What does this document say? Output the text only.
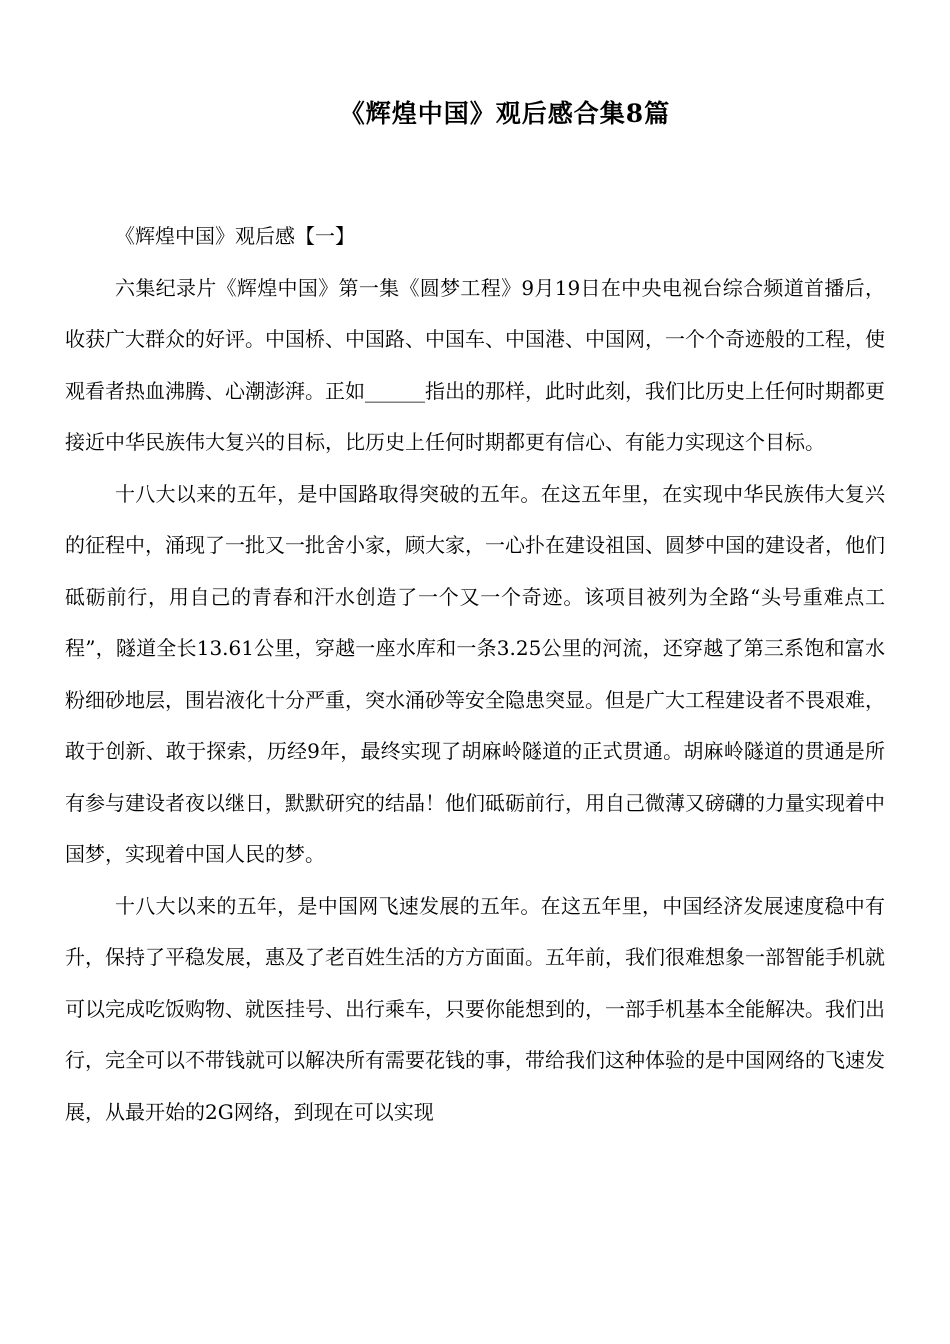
《辉煌中国》观后感合集8篇

《辉煌中国》观后感【一】

六集纪录片《辉煌中国》第一集《圆梦工程》9月19日在中央电视台综合频道首播后，收获广大群众的好评。中国桥、中国路、中国车、中国港、中国网，一个个奇迹般的工程，使观看者热血沸腾、心潮澎湃。正如______指出的那样，此时此刻，我们比历史上任何时期都更接近中华民族伟大复兴的目标，比历史上任何时期都更有信心、有能力实现这个目标。

十八大以来的五年，是中国路取得突破的五年。在这五年里，在实现中华民族伟大复兴的征程中，涌现了一批又一批舍小家，顾大家，一心扑在建设祖国、圆梦中国的建设者，他们砥砺前行，用自己的青春和汗水创造了一个又一个奇迹。该项目被列为全路“头号重难点工程”，隧道全长13.61公里，穿越一座水库和一条3.25公里的河流，还穿越了第三系饱和富水粉细砂地层，围岩液化十分严重，突水涌砂等安全隐患突显。但是广大工程建设者不畏艰难，敢于创新、敢于探索，历经9年，最终实现了胡麻岭隧道的正式贯通。胡麻岭隧道的贯通是所有参与建设者夜以继日，默默研究的结晶！他们砥砺前行，用自己微薄又磅礴的力量实现着中国梦，实现着中国人民的梦。

十八大以来的五年，是中国网飞速发展的五年。在这五年里，中国经济发展速度稳中有升，保持了平稳发展，惠及了老百姓生活的方方面面。五年前，我们很难想象一部智能手机就可以完成吃饭购物、就医挂号、出行乘车，只要你能想到的，一部手机基本全能解决。我们出行，完全可以不带钱就可以解决所有需要花钱的事，带给我们这种体验的是中国网络的飞速发展，从最开始的2G网络，到现在可以实现
